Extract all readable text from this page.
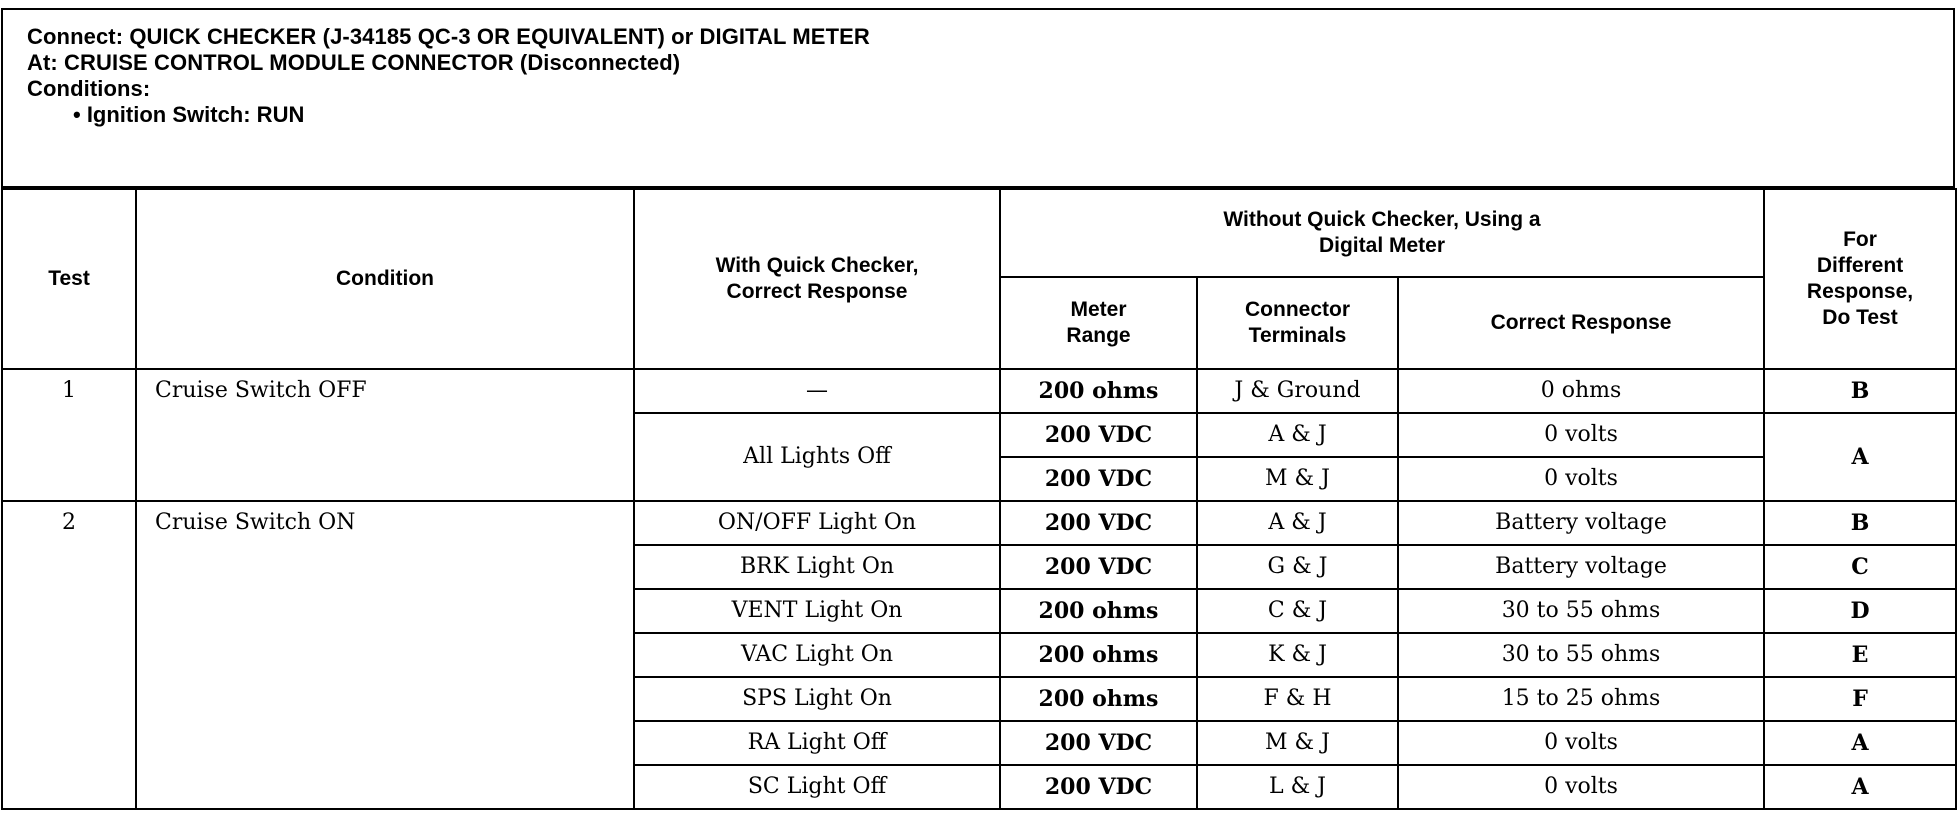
Connect: QUICK CHECKER (J-34185 QC-3 OR EQUIVALENT) or DIGITAL METER
At: CRUISE CONTROL MODULE CONNECTOR (Disconnected)
Conditions:
• Ignition Switch: RUN
Test	Condition	With Quick Checker, Correct Response	Without Quick Checker, Using a Digital Meter			For Different Response, Do Test

			Meter Range	Connector Terminals	Correct Response	
1	Cruise Switch OFF	—	200 ohms	J & Ground	0 ohms	B
		All Lights Off	200 VDC	A & J	0 volts	A
			200 VDC	M & J	0 volts	
2	Cruise Switch ON	ON/OFF Light On	200 VDC	A & J	Battery voltage	B
		BRK Light On	200 VDC	G & J	Battery voltage	C
		VENT Light On	200 ohms	C & J	30 to 55 ohms	D
		VAC Light On	200 ohms	K & J	30 to 55 ohms	E
		SPS Light On	200 ohms	F & H	15 to 25 ohms	F
		RA Light Off	200 VDC	M & J	0 volts	A
		SC Light Off	200 VDC	L & J	0 volts	A
